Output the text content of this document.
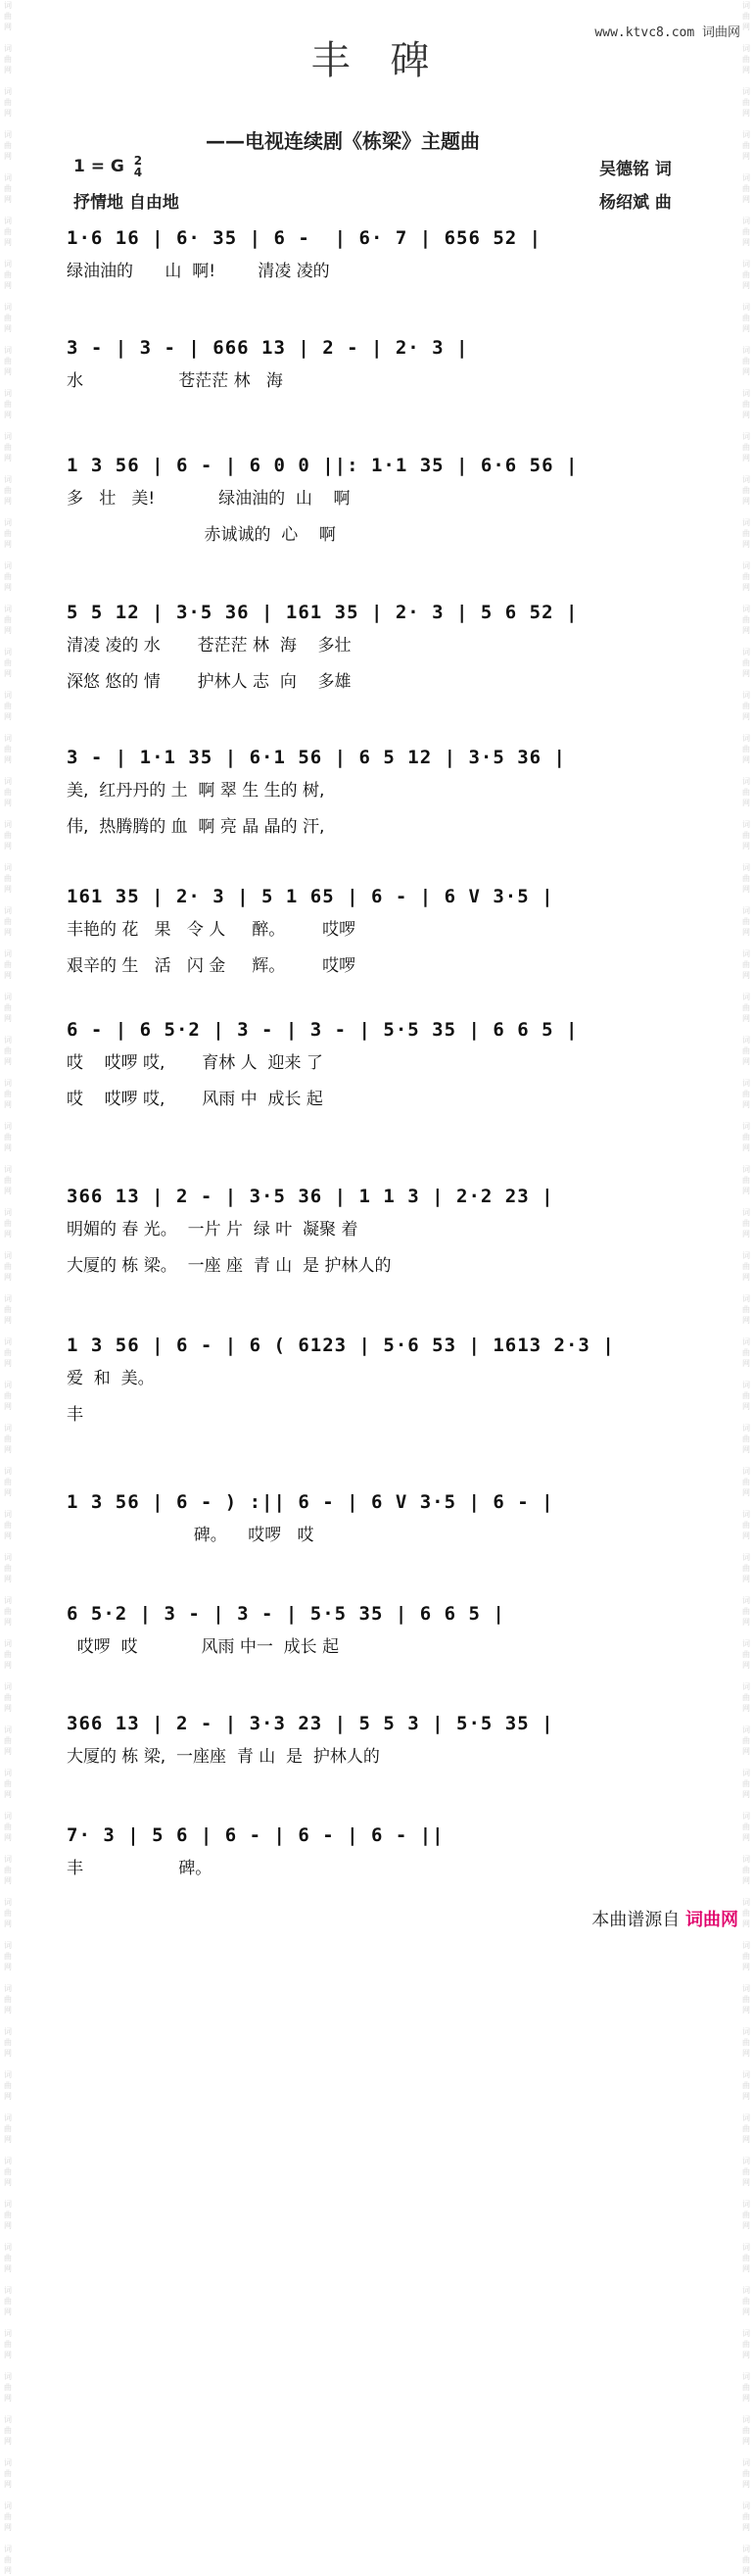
词曲网

词曲网

词曲网

词曲网

词曲网

词曲网

词曲网

词曲网

词曲网

词曲网

词曲网

词曲网

词曲网

词曲网

词曲网

词曲网

词曲网

词曲网

词曲网

词曲网

词曲网

词曲网

词曲网

词曲网

词曲网

词曲网

词曲网

词曲网

词曲网

词曲网

词曲网

词曲网

词曲网

词曲网

词曲网

词曲网

词曲网

词曲网

词曲网

词曲网

词曲网

词曲网

词曲网

词曲网

词曲网

词曲网

词曲网

词曲网

词曲网

词曲网

词曲网

词曲网

词曲网

词曲网

词曲网

词曲网

词曲网

词曲网

词曲网

词曲网

词曲网

词曲网

词曲网

词曲网

词曲网

词曲网

词曲网

词曲网

词曲网

词曲网

词曲网

词曲网

词曲网

词曲网

词曲网

词曲网

词曲网

词曲网

词曲网

词曲网

词曲网

词曲网

词曲网

词曲网

词曲网

词曲网

词曲网

词曲网

词曲网

词曲网

词曲网

词曲网

词曲网

词曲网

词曲网

词曲网

词曲网

词曲网

词曲网

词曲网

词曲网

词曲网

词曲网

词曲网

词曲网

词曲网

词曲网

词曲网

词曲网

词曲网

词曲网

词曲网

词曲网

词曲网

词曲网

词曲网

词曲网

词曲网

词曲网

词曲网

www.ktvc8.com 词曲网
丰 碑
——电视连续剧《栋梁》主题曲
1 = G 2
4
抒情地 自由地
吴德铭 词
杨绍斌 曲
1·6 16 | 6· 35 | 6 -  | 6· 7 | 656 52 |
绿油油的      山  啊!        清凌 凌的
3 - | 3 - | 666 13 | 2 - | 2· 3 |
水                  苍茫茫 林   海
1 3 56 | 6 - | 6 0 0 ||: 1·1 35 | 6·6 56 |
多   壮   美!            绿油油的  山    啊
赤诚诚的  心    啊
5 5 12 | 3·5 36 | 161 35 | 2· 3 | 5 6 52 |
清凌 凌的 水       苍茫茫 林  海    多壮
深悠 悠的 情       护林人 志  向    多雄
3 - | 1·1 35 | 6·1 56 | 6 5 12 | 3·5 36 |
美,  红丹丹的 土  啊 翠 生 生的 树,
伟,  热腾腾的 血  啊 亮 晶 晶的 汗,
161 35 | 2· 3 | 5 1 65 | 6 - | 6 V 3·5 |
丰艳的 花   果   令 人     醉。       哎啰
艰辛的 生   活   闪 金     辉。       哎啰
6 - | 6 5·2 | 3 - | 3 - | 5·5 35 | 6 6 5 |
哎    哎啰 哎,       育林 人  迎来 了
哎    哎啰 哎,       风雨 中  成长 起
366 13 | 2 - | 3·5 36 | 1 1 3 | 2·2 23 |
明媚的 春 光。  一片 片  绿 叶  凝聚 着
大厦的 栋 梁。  一座 座  青 山  是 护林人的
1 3 56 | 6 - | 6 ( 6123 | 5·6 53 | 1613 2·3 |
爱  和  美。
丰
1 3 56 | 6 - ) :|| 6 - | 6 V 3·5 | 6 - |
碑。    哎啰   哎
6 5·2 | 3 - | 3 - | 5·5 35 | 6 6 5 |
哎啰  哎            风雨 中一  成长 起
366 13 | 2 - | 3·3 23 | 5 5 3 | 5·5 35 |
大厦的 栋 梁,  一座座  青 山  是  护林人的
7· 3 | 5 6 | 6 - | 6 - | 6 - ||
丰                  碑。
本曲谱源自 词曲网
